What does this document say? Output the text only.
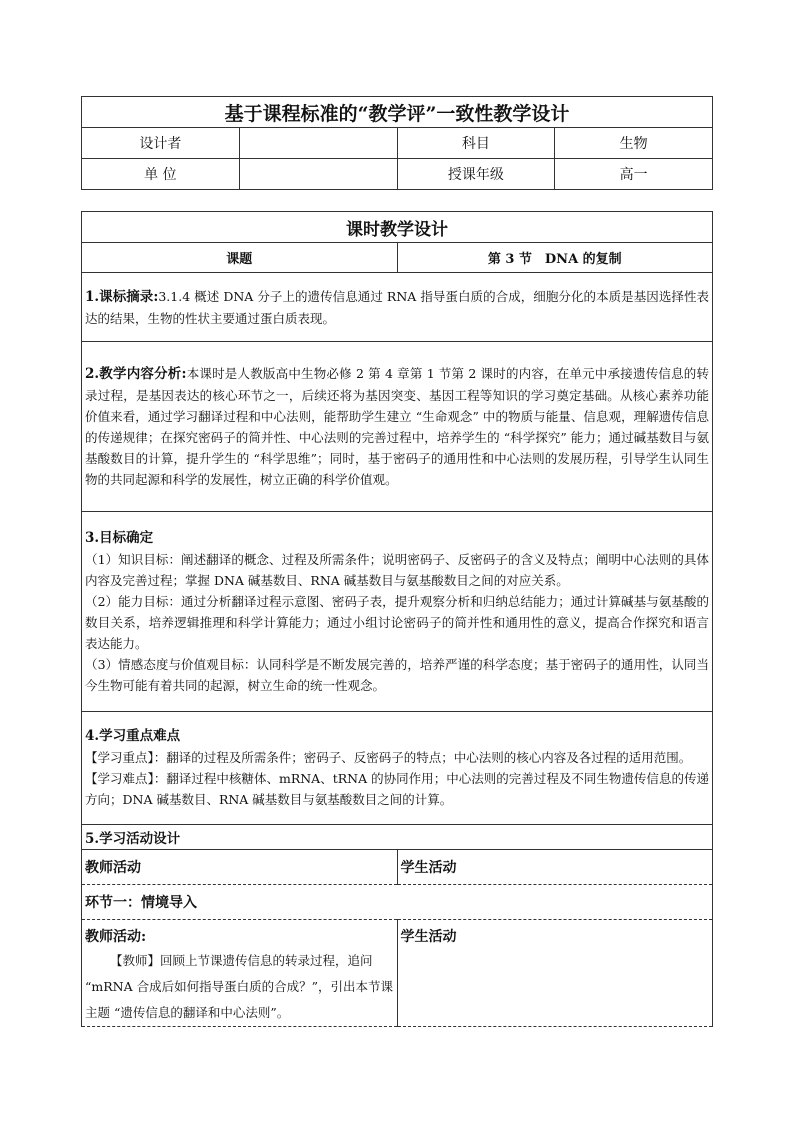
基于课程标准的“教学评”一致性教学设计			
设计者		科目	生物
单 位		授课年级	高一
课时教学设计	
课题	第 3 节　DNA 的复制
1.课标摘录:3.1.4 概述 DNA 分子上的遗传信息通过 RNA 指导蛋白质的合成，细胞分化的本质是基因选择性表达的结果，生物的性状主要通过蛋白质表现。	
2.教学内容分析:本课时是人教版高中生物必修 2 第 4 章第 1 节第 2 课时的内容，在单元中承接遗传信息的转录过程，是基因表达的核心环节之一，后续还将为基因突变、基因工程等知识的学习奠定基础。从核心素养功能价值来看，通过学习翻译过程和中心法则，能帮助学生建立 “生命观念” 中的物质与能量、信息观，理解遗传信息的传递规律；在探究密码子的简并性、中心法则的完善过程中，培养学生的 “科学探究” 能力；通过碱基数目与氨基酸数目的计算，提升学生的 “科学思维”；同时，基于密码子的通用性和中心法则的发展历程，引导学生认同生物的共同起源和科学的发展性，树立正确的科学价值观。	

3.目标确定
（1）知识目标：阐述翻译的概念、过程及所需条件；说明密码子、反密码子的含义及特点；阐明中心法则的具体内容及完善过程；掌握 DNA 碱基数目、RNA 碱基数目与氨基酸数目之间的对应关系。
（2）能力目标：通过分析翻译过程示意图、密码子表，提升观察分析和归纳总结能力；通过计算碱基与氨基酸的数目关系，培养逻辑推理和科学计算能力；通过小组讨论密码子的简并性和通用性的意义，提高合作探究和语言表达能力。
（3）情感态度与价值观目标：认同科学是不断发展完善的，培养严谨的科学态度；基于密码子的通用性，认同当今生物可能有着共同的起源，树立生命的统一性观念。	

4.学习重点难点
【学习重点】：翻译的过程及所需条件；密码子、反密码子的特点；中心法则的核心内容及各过程的适用范围。
【学习难点】：翻译过程中核糖体、mRNA、tRNA 的协同作用；中心法则的完善过程及不同生物遗传信息的传递方向；DNA 碱基数目、RNA 碱基数目与氨基酸数目之间的计算。	

5.学习活动设计	
教师活动	学生活动
环节一：情境导入	

教师活动:
【教师】回顾上节课遗传信息的转录过程，追问 “mRNA 合成后如何指导蛋白质的合成？”，引出本节课主题 “遗传信息的翻译和中心法则”。	学生活动
